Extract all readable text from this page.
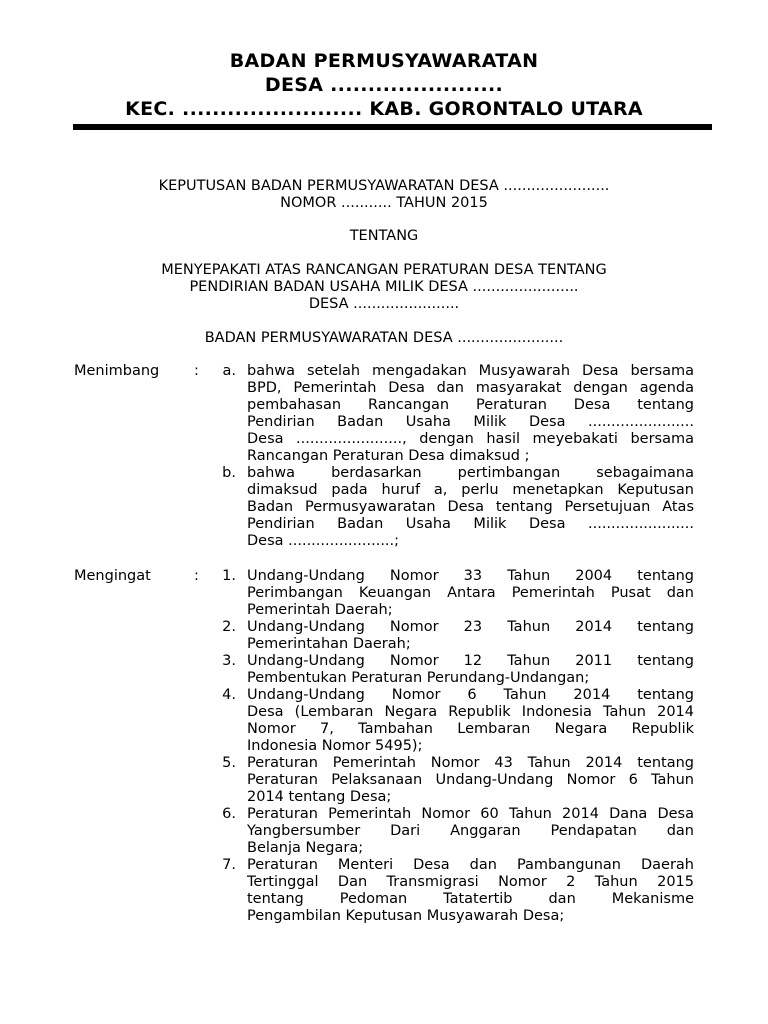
BADAN PERMUSYAWARATAN
DESA .......................
KEC. ........................ KAB. GORONTALO UTARA
KEPUTUSAN BADAN PERMUSYAWARATAN DESA .......................
NOMOR ........... TAHUN 2015
TENTANG
MENYEPAKATI ATAS RANCANGAN PERATURAN DESA TENTANG
PENDIRIAN BADAN USAHA MILIK DESA .......................
DESA .......................
BADAN PERMUSYAWARATAN DESA .......................
Menimbang :	a. bahwa setelah mengadakan Musyawarah Desa bersama
BPD, Pemerintah Desa dan masyarakat dengan agenda
pembahasan Rancangan Peraturan Desa tentang
Pendirian Badan Usaha Milik Desa .......................
Desa ......................., dengan hasil meyebakati bersama
Rancangan Peraturan Desa dimaksud ;
b. bahwa berdasarkan pertimbangan sebagaimana
dimaksud pada huruf a, perlu menetapkan Keputusan
Badan Permusyawaratan Desa tentang Persetujuan Atas
Pendirian Badan Usaha Milik Desa .......................
Desa .......................;
Mengingat	:	1. Undang-Undang Nomor 33 Tahun 2004 tentang
Perimbangan Keuangan Antara Pemerintah Pusat dan
Pemerintah Daerah;
2. Undang-Undang Nomor 23 Tahun 2014 tentang
Pemerintahan Daerah;
3. Undang-Undang Nomor 12 Tahun 2011 tentang
Pembentukan Peraturan Perundang-Undangan;
4. Undang-Undang Nomor 6 Tahun 2014 tentang
Desa (Lembaran Negara Republik Indonesia Tahun 2014
Nomor 7, Tambahan Lembaran Negara Republik
Indonesia Nomor 5495);
5. Peraturan Pemerintah Nomor 43 Tahun 2014 tentang
Peraturan Pelaksanaan Undang-Undang Nomor 6 Tahun
2014 tentang Desa;
6. Peraturan Pemerintah Nomor 60 Tahun 2014 Dana Desa
Yangbersumber Dari Anggaran Pendapatan dan
Belanja Negara;
7. Peraturan Menteri Desa dan Pambangunan Daerah
Tertinggal Dan Transmigrasi Nomor 2 Tahun 2015
tentang Pedoman Tatatertib dan Mekanisme
Pengambilan Keputusan Musyawarah Desa;
